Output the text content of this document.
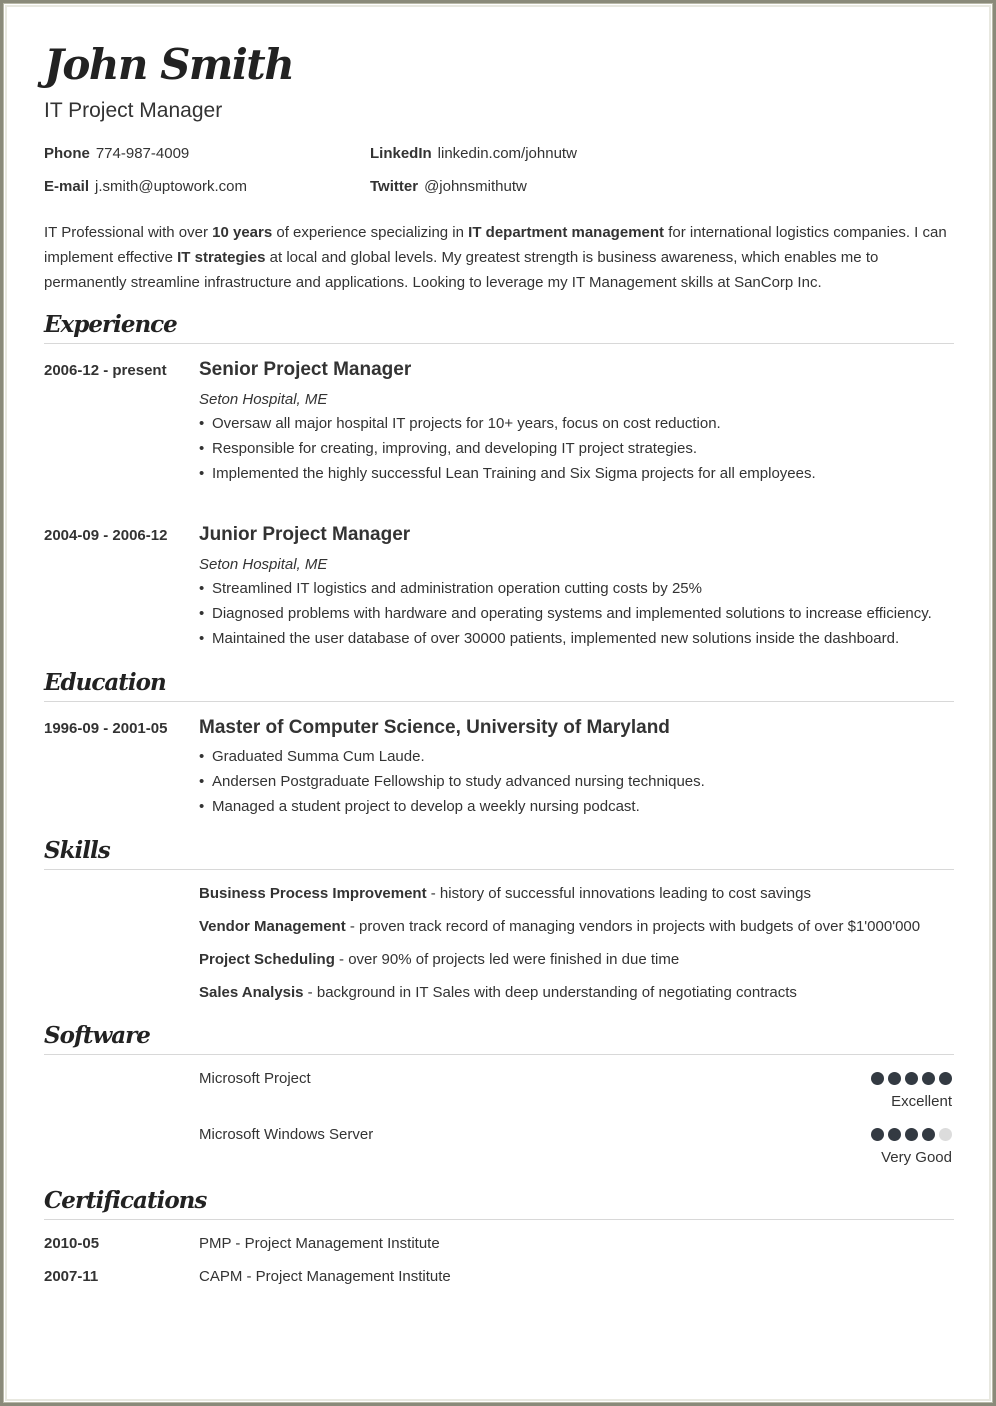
John Smith
IT Project Manager
Phone 774-987-4009	LinkedIn linkedin.com/johnutw
E-mail j.smith@uptowork.com	Twitter @johnsmithutw
IT Professional with over 10 years of experience specializing in IT department management for international logistics companies. I can implement effective IT strategies at local and global levels. My greatest strength is business awareness, which enables me to permanently streamline infrastructure and applications. Looking to leverage my IT Management skills at SanCorp Inc.
Experience
2006-12 - present Senior Project Manager
Seton Hospital, ME
• Oversaw all major hospital IT projects for 10+ years, focus on cost reduction.
• Responsible for creating, improving, and developing IT project strategies.
• Implemented the highly successful Lean Training and Six Sigma projects for all employees.
2004-09 - 2006-12 Junior Project Manager
Seton Hospital, ME
• Streamlined IT logistics and administration operation cutting costs by 25%
• Diagnosed problems with hardware and operating systems and implemented solutions to increase efficiency.
• Maintained the user database of over 30000 patients, implemented new solutions inside the dashboard.
Education
1996-09 - 2001-05 Master of Computer Science, University of Maryland
• Graduated Summa Cum Laude.
• Andersen Postgraduate Fellowship to study advanced nursing techniques.
• Managed a student project to develop a weekly nursing podcast.
Skills
Business Process Improvement - history of successful innovations leading to cost savings
Vendor Management - proven track record of managing vendors in projects with budgets of over $1'000'000
Project Scheduling - over 90% of projects led were finished in due time
Sales Analysis - background in IT Sales with deep understanding of negotiating contracts
Software
Microsoft Project
Excellent
Microsoft Windows Server
Very Good
Certifications
2010-05	PMP - Project Management Institute
2007-11	CAPM - Project Management Institute
